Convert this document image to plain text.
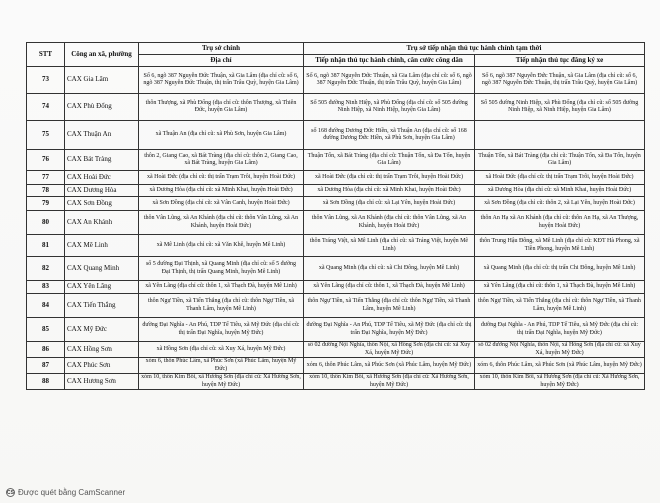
STT	Công an xã, phường	Trụ sở chính	Trụ sở tiếp nhận thủ tục hành chính tạm thời	
		Địa chỉ	Tiếp nhận thủ tục hành chính, căn cước công dân	Tiếp nhận thủ tục đăng ký xe
73	CAX Gia Lâm	Số 6, ngõ 387 Nguyễn Đức Thuận, xã Gia Lâm (địa chỉ cũ: số 6, ngõ 387 Nguyễn Đức Thuận, thị trấn Trâu Quỳ, huyện Gia Lâm)	Số 6, ngõ 387 Nguyễn Đức Thuận, xã Gia Lâm (địa chỉ cũ: số 6, ngõ 387 Nguyễn Đức Thuận, thị trấn Trâu Quỳ, huyện Gia Lâm)	Số 6, ngõ 387 Nguyễn Đức Thuận, xã Gia Lâm (địa chỉ cũ: số 6, ngõ 387 Nguyễn Đức Thuận, thị trấn Trâu Quỳ, huyện Gia Lâm)
74	CAX Phù Đổng	thôn Thượng, xã Phù Đổng (địa chỉ cũ: thôn Thượng, xã Thiên Đức, huyện Gia Lâm)	Số 505 đường Ninh Hiệp, xã Phù Đổng (địa chỉ cũ: số 505 đường Ninh Hiệp, xã Ninh Hiệp, huyện Gia Lâm)	Số 505 đường Ninh Hiệp, xã Phù Đổng (địa chỉ cũ: số 505 đường Ninh Hiệp, xã Ninh Hiệp, huyện Gia Lâm)
75	CAX Thuận An	xã Thuận An (địa chỉ cũ: xã Phù Sơn, huyện Gia Lâm)	số 168 đường Dương Đức Hiền, xã Thuận An (địa chỉ cũ: số 168 đường Dương Đức Hiền, xã Phù Sơn, huyện Gia Lâm)	
76	CAX Bát Tràng	thôn 2, Giang Cao, xã Bát Tràng (địa chỉ cũ: thôn 2, Giang Cao, xã Bát Tràng, huyện Gia Lâm)	Thuận Tốn, xã Bát Tràng (địa chỉ cũ: Thuận Tốn, xã Đa Tốn, huyện Gia Lâm)	Thuận Tốn, xã Bát Tràng (địa chỉ cũ: Thuận Tốn, xã Đa Tốn, huyện Gia Lâm)
77	CAX Hoài Đức	xã Hoài Đức (địa chỉ cũ: thị trấn Trạm Trôi, huyện Hoài Đức)	xã Hoài Đức (địa chỉ cũ: thị trấn Trạm Trôi, huyện Hoài Đức)	xã Hoài Đức (địa chỉ cũ: thị trấn Trạm Trôi, huyện Hoài Đức)
78	CAX Dương Hòa	xã Dương Hòa (địa chỉ cũ: xã Minh Khai, huyện Hoài Đức)	xã Dương Hòa (địa chỉ cũ: xã Minh Khai, huyện Hoài Đức)	xã Dương Hòa (địa chỉ cũ: xã Minh Khai, huyện Hoài Đức)
79	CAX Sơn Đồng	xã Sơn Đồng (địa chỉ cũ: xã Vân Canh, huyện Hoài Đức)	xã Sơn Đồng (địa chỉ cũ: xã Lại Yên, huyện Hoài Đức)	xã Sơn Đồng (địa chỉ cũ: thôn 2, xã Lại Yên, huyện Hoài Đức)
80	CAX An Khánh	thôn Vân Lũng, xã An Khánh (địa chỉ cũ: thôn Vân Lũng, xã An Khánh, huyện Hoài Đức)	thôn Vân Lũng, xã An Khánh (địa chỉ cũ: thôn Vân Lũng, xã An Khánh, huyện Hoài Đức)	thôn An Hạ xã An Khánh (địa chỉ cũ: thôn An Hạ, xã An Thượng, huyện Hoài Đức)
81	CAX Mê Linh	xã Mê Linh (địa chỉ cũ: xã Văn Khê, huyện Mê Linh)	thôn Tráng Việt, xã Mê Linh (địa chỉ cũ: xã Tráng Việt, huyện Mê Linh)	thôn Trung Hậu Đông, xã Mê Linh (địa chỉ cũ: KĐT Hà Phong, xã Tiền Phong, huyện Mê Linh)
82	CAX Quang Minh	số 5 đường Đại Thịnh, xã Quang Minh (địa chỉ cũ: số 5 đường Đại Thịnh, thị trấn Quang Minh, huyện Mê Linh)	xã Quang Minh (địa chỉ cũ: xã Chi Đông, huyện Mê Linh)	xã Quang Minh (địa chỉ cũ: thị trấn Chi Đông, huyện Mê Linh)
83	CAX Yên Lãng	xã Yên Lãng (địa chỉ cũ: thôn 1, xã Thạch Đà, huyện Mê Linh)	xã Yên Lãng (địa chỉ cũ: thôn 1, xã Thạch Đà, huyện Mê Linh)	xã Yên Lãng (địa chỉ cũ: thôn 1, xã Thạch Đà, huyện Mê Linh)
84	CAX Tiến Thắng	thôn Ngự Tiền, xã Tiến Thắng (địa chỉ cũ: thôn Ngự Tiền, xã Thanh Lâm, huyện Mê Linh)	thôn Ngự Tiền, xã Tiến Thắng (địa chỉ cũ: thôn Ngự Tiền, xã Thanh Lâm, huyện Mê Linh)	thôn Ngự Tiền, xã Tiến Thắng (địa chỉ cũ: thôn Ngự Tiền, xã Thanh Lâm, huyện Mê Linh)
85	CAX Mỹ Đức	đường Đại Nghĩa - An Phú, TDP Tế Tiêu, xã Mỹ Đức (địa chỉ cũ: thị trấn Đại Nghĩa, huyện Mỹ Đức)	đường Đại Nghĩa - An Phú, TDP Tế Tiêu, xã Mỹ Đức (địa chỉ cũ: thị trấn Đại Nghĩa, huyện Mỹ Đức)	đường Đại Nghĩa - An Phú, TDP Tế Tiêu, xã Mỹ Đức (địa chỉ cũ: thị trấn Đại Nghĩa, huyện Mỹ Đức)
86	CAX Hồng Sơn	xã Hồng Sơn (địa chỉ cũ: xã Xuy Xá, huyện Mỹ Đức)	số 02 đường Nội Nghĩa, thôn Nội, xã Hồng Sơn (địa chỉ cũ: xã Xuy Xá, huyện Mỹ Đức)	số 02 đường Nội Nghĩa, thôn Nội, xã Hồng Sơn (địa chỉ cũ: xã Xuy Xá, huyện Mỹ Đức)
87	CAX Phúc Sơn	xóm 6, thôn Phúc Lâm, xã Phúc Sơn (xã Phúc Lâm, huyện Mỹ Đức)	xóm 6, thôn Phúc Lâm, xã Phúc Sơn (xã Phúc Lâm, huyện Mỹ Đức)	xóm 6, thôn Phúc Lâm, xã Phúc Sơn (xã Phúc Lâm, huyện Mỹ Đức)
88	CAX Hương Sơn	xóm 10, thôn Kim Bôi, xã Hương Sơn (địa chỉ cũ: Xã Hương Sơn, huyện Mỹ Đức)	xóm 10, thôn Kim Bôi, xã Hương Sơn (địa chỉ cũ: Xã Hương Sơn, huyện Mỹ Đức)	xóm 10, thôn Kim Bôi, xã Hương Sơn (địa chỉ cũ: Xã Hương Sơn, huyện Mỹ Đức)
CS Được quét bằng CamScanner
